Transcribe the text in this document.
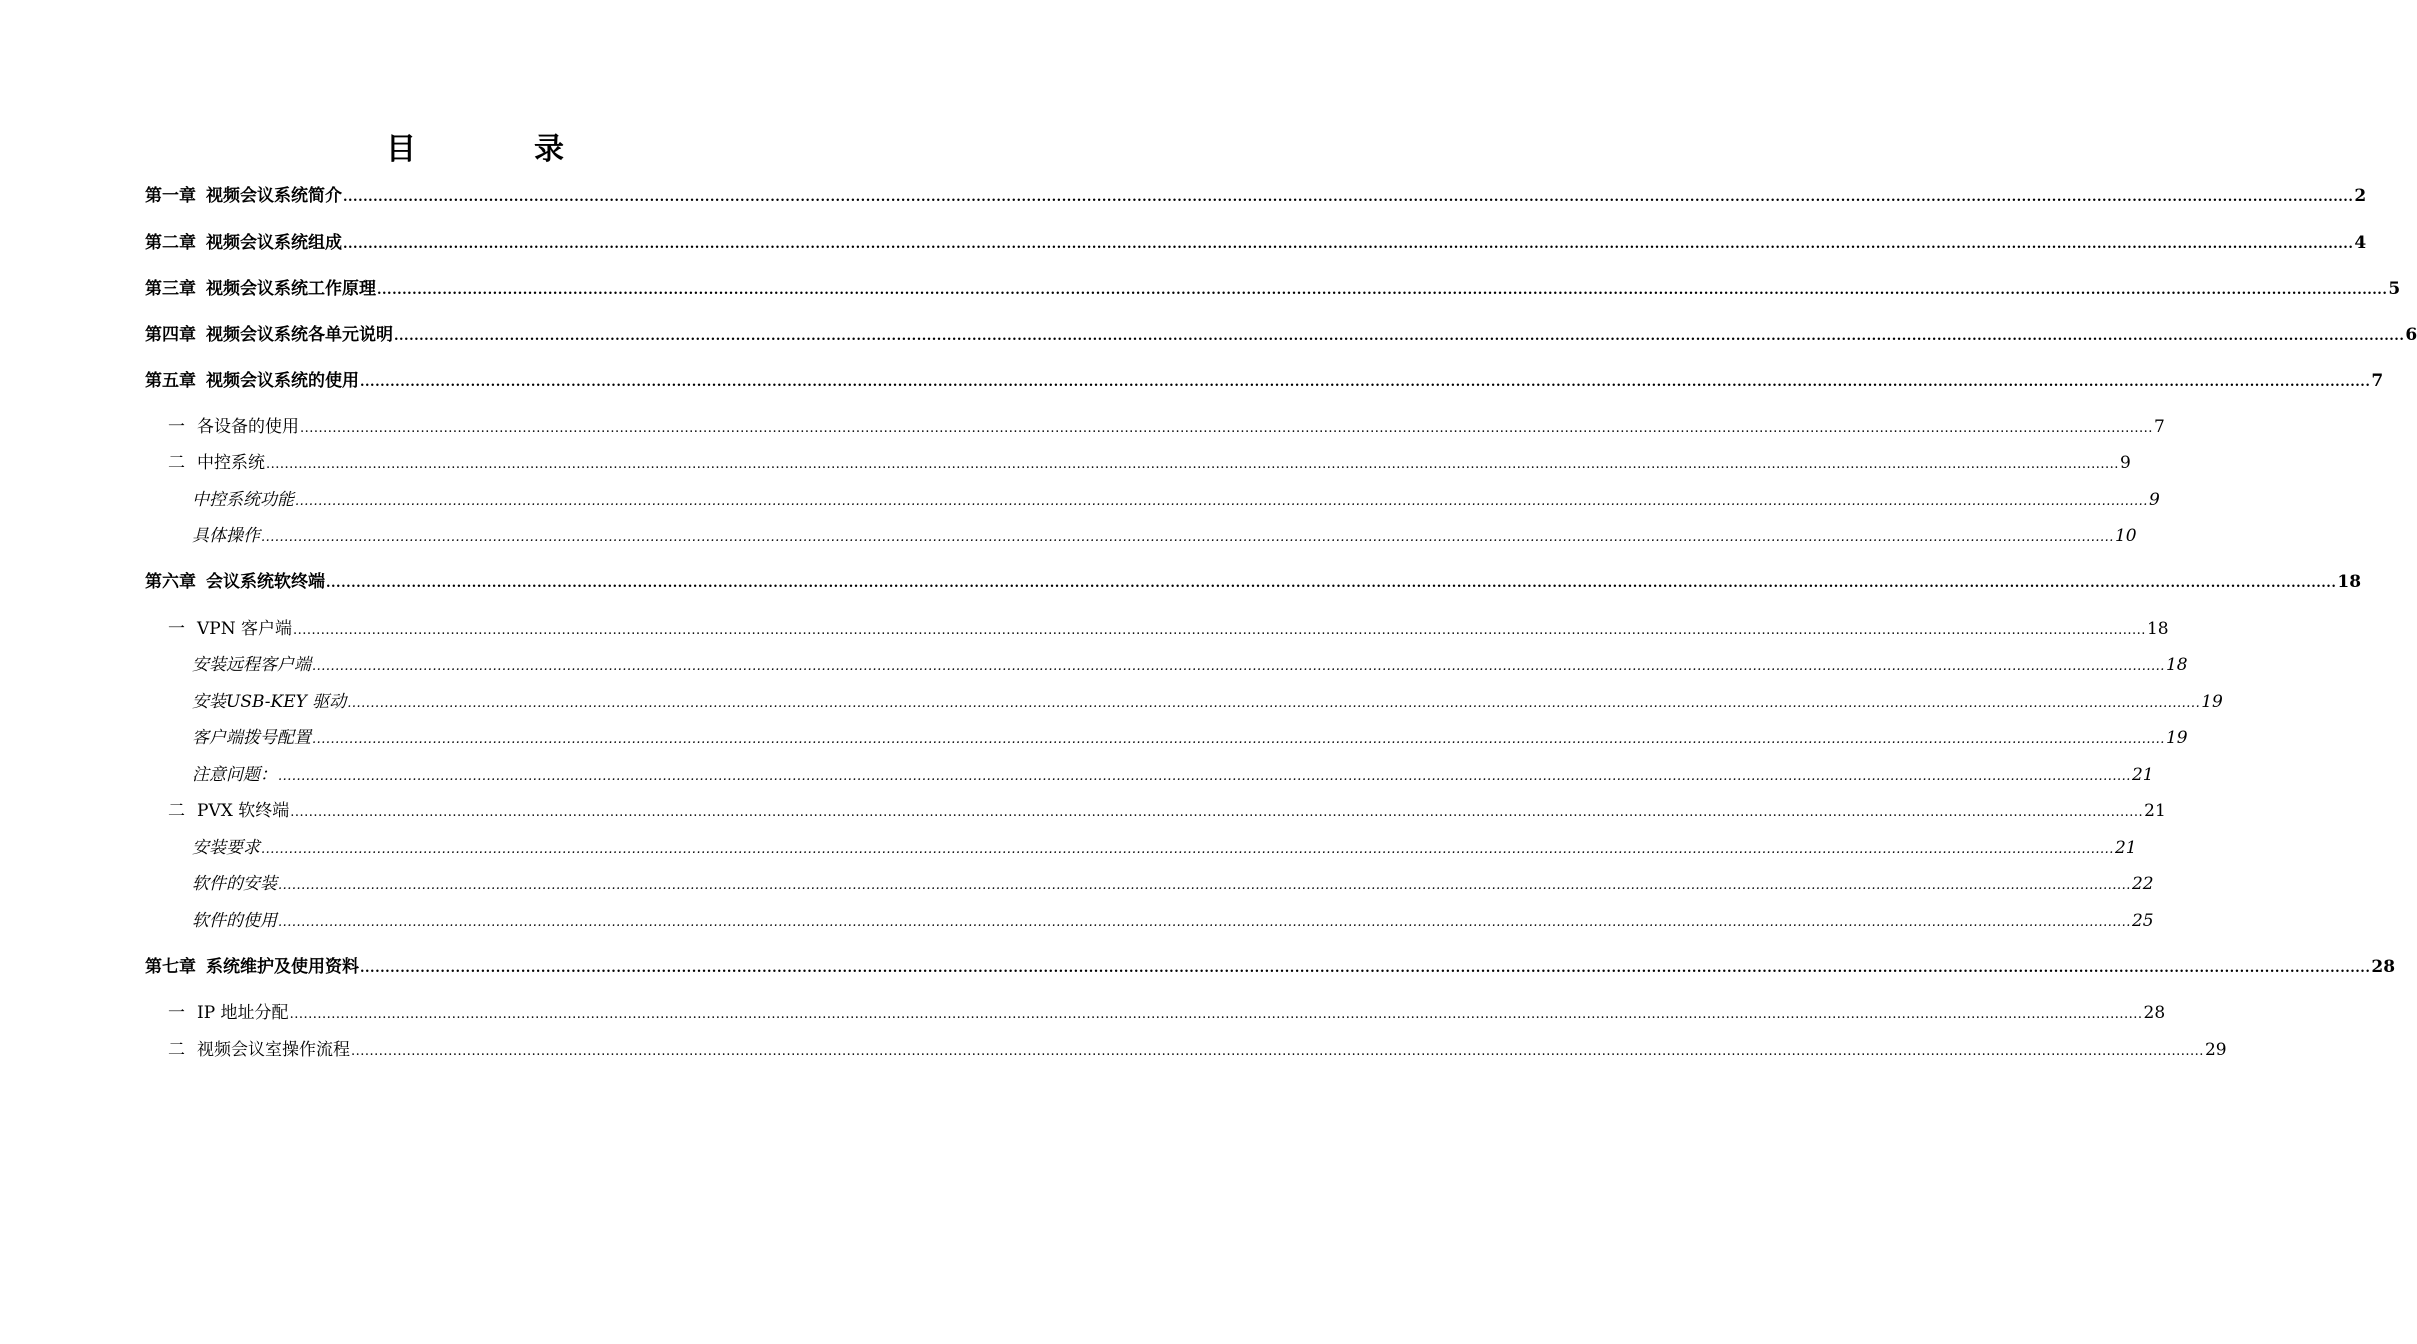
目　录
第一章 视频会议系统简介 ................................................................................................................................................................................................................................................................................................................................................................................................................ 2
第二章 视频会议系统组成 ................................................................................................................................................................................................................................................................................................................................................................................................................ 4
第三章 视频会议系统工作原理 ................................................................................................................................................................................................................................................................................................................................................................................................................ 5
第四章 视频会议系统各单元说明 ................................................................................................................................................................................................................................................................................................................................................................................................................ 6
第五章 视频会议系统的使用 ................................................................................................................................................................................................................................................................................................................................................................................................................ 7
一 各设备的使用 ................................................................................................................................................................................................................................................................................................................................................................................................................ 7
二 中控系统 ................................................................................................................................................................................................................................................................................................................................................................................................................ 9
中控系统功能 ................................................................................................................................................................................................................................................................................................................................................................................................................ 9
具体操作 ................................................................................................................................................................................................................................................................................................................................................................................................................ 10
第六章 会议系统软终端 ................................................................................................................................................................................................................................................................................................................................................................................................................ 18
一 VPN 客户端 ................................................................................................................................................................................................................................................................................................................................................................................................................ 18
安装远程客户端 ................................................................................................................................................................................................................................................................................................................................................................................................................ 18
安装USB-KEY 驱动 ................................................................................................................................................................................................................................................................................................................................................................................................................ 19
客户端拨号配置 ................................................................................................................................................................................................................................................................................................................................................................................................................ 19
注意问题： ................................................................................................................................................................................................................................................................................................................................................................................................................ 21
二 PVX 软终端 ................................................................................................................................................................................................................................................................................................................................................................................................................ 21
安装要求 ................................................................................................................................................................................................................................................................................................................................................................................................................ 21
软件的安装 ................................................................................................................................................................................................................................................................................................................................................................................................................ 22
软件的使用 ................................................................................................................................................................................................................................................................................................................................................................................................................ 25
第七章 系统维护及使用资料 ................................................................................................................................................................................................................................................................................................................................................................................................................ 28
一 IP 地址分配 ................................................................................................................................................................................................................................................................................................................................................................................................................ 28
二 视频会议室操作流程 ................................................................................................................................................................................................................................................................................................................................................................................................................ 29
